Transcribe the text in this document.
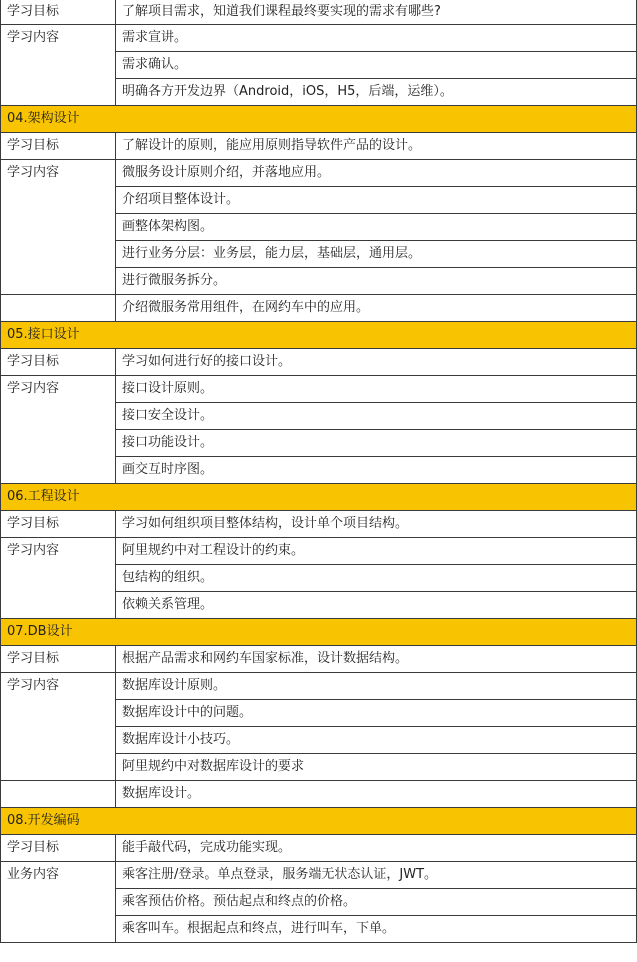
学习目标	了解项目需求，知道我们课程最终要实现的需求有哪些?
学习内容	需求宣讲。
	需求确认。
	明确各方开发边界（Android，iOS，H5，后端，运维）。
04.架构设计	
学习目标	了解设计的原则，能应用原则指导软件产品的设计。
学习内容	微服务设计原则介绍，并落地应用。
	介绍项目整体设计。
	画整体架构图。
	进行业务分层：业务层，能力层，基础层，通用层。
	进行微服务拆分。
	介绍微服务常用组件，在网约车中的应用。
05.接口设计	
学习目标	学习如何进行好的接口设计。
学习内容	接口设计原则。
	接口安全设计。
	接口功能设计。
	画交互时序图。
06.工程设计	
学习目标	学习如何组织项目整体结构，设计单个项目结构。
学习内容	阿里规约中对工程设计的约束。
	包结构的组织。
	依赖关系管理。
07.DB设计	
学习目标	根据产品需求和网约车国家标准，设计数据结构。
学习内容	数据库设计原则。
	数据库设计中的问题。
	数据库设计小技巧。
	阿里规约中对数据库设计的要求
	数据库设计。
08.开发编码	
学习目标	能手敲代码，完成功能实现。
业务内容	乘客注册/登录。单点登录，服务端无状态认证，JWT。
	乘客预估价格。预估起点和终点的价格。
	乘客叫车。根据起点和终点，进行叫车，下单。
